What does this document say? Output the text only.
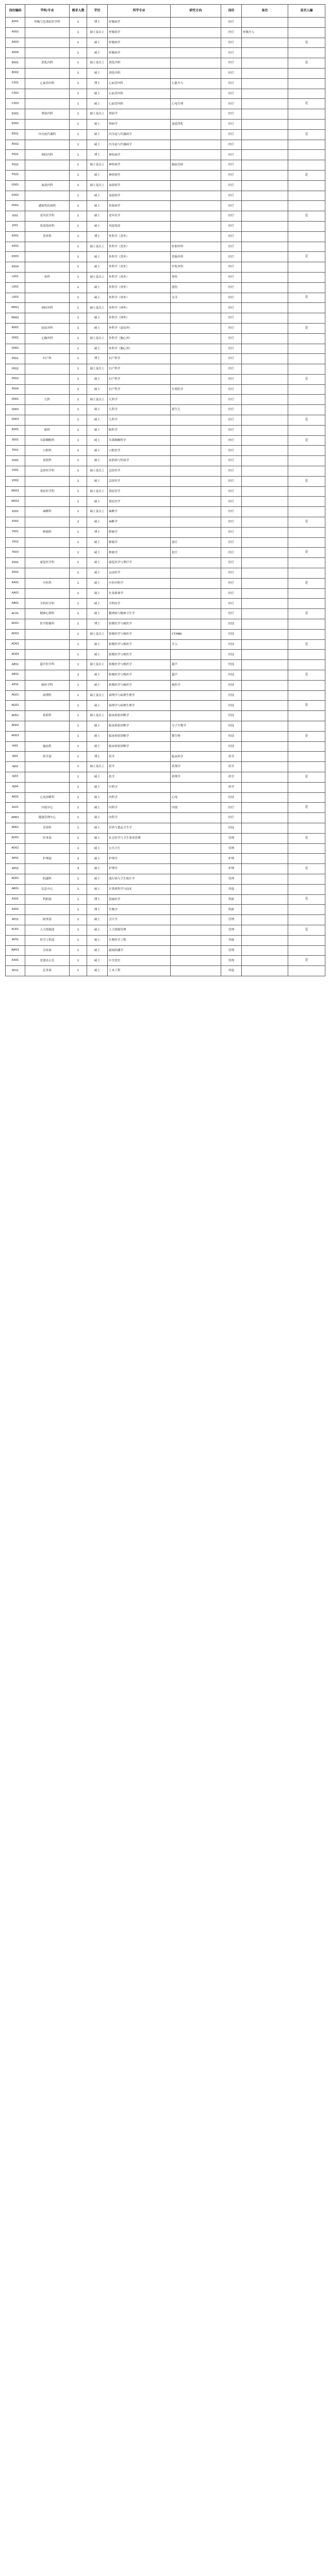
岗位编码	学科/专业	需求人数	学历	所学专业	研究方向	岗位	备注	是否入编
A001	呼吸与危重症医学科	1	博士	呼吸病学		医疗		
A002		1	硕士及以上	呼吸病学		医疗	呼吸介入	
A003		1	硕士	呼吸病学		医疗		是
A004		1	硕士	呼吸病学		医疗		
B001	消化内科	1	硕士及以上	消化内科		医疗		是
B002		1	硕士	消化内科		医疗		
C001	心血管内科	1	博士	心血管内科	心脏介入	医疗		
C002		1	硕士	心血管内科		医疗		
C003		1	硕士	心血管内科	心电生理	医疗		是
D001	肾病内科	1	硕士及以上	肾病学		医疗		
D002		1	硕士	肾病学	血液净化	医疗		
E001	内分泌代谢科	1	硕士	内分泌与代谢病学		医疗		是
E002		1	硕士	内分泌与代谢病学		医疗		
F001	神经内科	1	博士	神经病学		医疗		
F002		1	硕士及以上	神经病学	脑血管病	医疗		
F003		1	硕士	神经病学		医疗		是
G001	血液内科	1	硕士及以上	血液病学		医疗		
G002		1	硕士	血液病学		医疗		
H001	感染性疾病科	1	硕士	传染病学		医疗		
I001	老年医学科	1	硕士	老年医学		医疗		是
J001	风湿免疫科	1	硕士	风湿免疫		医疗		
K001	普外科	1	博士	外科学（普外）		医疗		
K002		1	硕士及以上	外科学（普外）	肝胆外科	医疗		
K003		1	硕士	外科学（普外）	胃肠外科	医疗		是
K004		1	硕士	外科学（普外）	甲乳外科	医疗		
L001	骨科	1	硕士及以上	外科学（骨外）	脊柱	医疗		
L002		1	硕士	外科学（骨外）	创伤	医疗		
L003		1	硕士	外科学（骨外）	关节	医疗		是
M001	神经外科	1	硕士及以上	外科学（神外）		医疗		
M002		1	硕士	外科学（神外）		医疗		
N001	泌尿外科	1	硕士	外科学（泌尿外）		医疗		是
O001	心胸外科	1	硕士及以上	外科学（胸心外）		医疗		
O002		1	硕士	外科学（胸心外）		医疗		
P001	妇产科	1	博士	妇产科学		医疗		
P002		1	硕士及以上	妇产科学		医疗		
P003		1	硕士	妇产科学		医疗		是
P004		1	硕士	妇产科学	生殖医学	医疗		
Q001	儿科	1	硕士及以上	儿科学		医疗		
Q002		1	硕士	儿科学	新生儿	医疗		
Q003		1	硕士	儿科学		医疗		是
R001	眼科	1	硕士	眼科学		医疗		
S001	耳鼻咽喉科	1	硕士	耳鼻咽喉科学		医疗		是
T001	口腔科	1	硕士	口腔医学		医疗		
U001	皮肤科	1	硕士	皮肤病与性病学		医疗		
V001	急诊医学科	1	硕士及以上	急诊医学		医疗		
V002		2	硕士	急诊医学		医疗		是
W001	重症医学科	1	硕士及以上	重症医学		医疗		
W002		1	硕士	重症医学		医疗		
X001	麻醉科	1	硕士及以上	麻醉学		医疗		
X002		2	硕士	麻醉学		医疗		是
Y001	肿瘤科	1	博士	肿瘤学		医疗		
Y002		1	硕士	肿瘤学	放疗	医疗		
Y003		1	硕士	肿瘤学	化疗	医疗		是
Z001	康复医学科	1	硕士	康复医学与理疗学		医疗		
Z002		1	硕士	运动医学		医疗		
AA01	中医科	1	硕士	中医内科学		医疗		是
AA02		1	硕士	针灸推拿学		医疗		
AB01	全科医学科	1	硕士	全科医学		医疗		
AC01	精神心理科	1	硕士	精神病与精神卫生学		医疗		是
AD01	医学影像科	1	博士	影像医学与核医学		医技		
AD02		1	硕士及以上	影像医学与核医学	CT/MRI	医技		
AD03		1	硕士	影像医学与核医学	介入	医技		是
AD04		1	硕士	影像医学与核医学		医技		
AE01	超声医学科	1	硕士及以上	影像医学与核医学	超声	医技		
AE02		2	硕士	影像医学与核医学	超声	医技		是
AF01	核医学科	1	硕士	影像医学与核医学	核医学	医技		
AG01	病理科	1	硕士及以上	病理学与病理生理学		医技		
AG02		1	硕士	病理学与病理生理学		医技		是
AH01	检验科	1	硕士及以上	临床检验诊断学		医技		
AH02		1	硕士	临床检验诊断学	分子生物学	医技		
AH03		1	硕士	临床检验诊断学	微生物	医技		是
AI01	输血科	1	硕士	临床检验诊断学		医技		
AJ01	药学部	1	博士	药学	临床药学	药学		
AJ02		1	硕士及以上	药学	药剂学	药学		
AJ03		1	硕士	药学	药理学	药学		是
AJ04		1	硕士	中药学		药学		
AK01	心电诊断科	1	硕士	内科学	心电	医技		
AL01	内镜中心	1	硕士	内科学	内镜	医疗		是
AM01	健康管理中心	1	硕士	内科学		医疗		
AN01	营养科	1	硕士	营养与食品卫生学		医技		
AO01	医务部	1	硕士	社会医学与卫生事业管理		管理		是
AO02		1	硕士	公共卫生		管理		
AP01	护理部	2	硕士	护理学		护理		
AP02		3	硕士	护理学		护理		是
AQ01	院感科	1	硕士	流行病与卫生统计学		管理		
AR01	信息中心	1	硕士	计算机科学与技术		其他		
AS01	科研部	1	博士	基础医学		科研		是
AS02		1	博士	生物学		科研		
AT01	财务部	1	硕士	会计学		管理		
AU01	人力资源部	1	硕士	人力资源管理		管理		是
AV01	医学工程部	1	硕士	生物医学工程		其他		
AW01	宣传部	1	硕士	新闻传播学		管理		
AX01	党委办公室	1	硕士	中共党史		管理		是
AY01	总务部	1	硕士	土木工程		其他		
